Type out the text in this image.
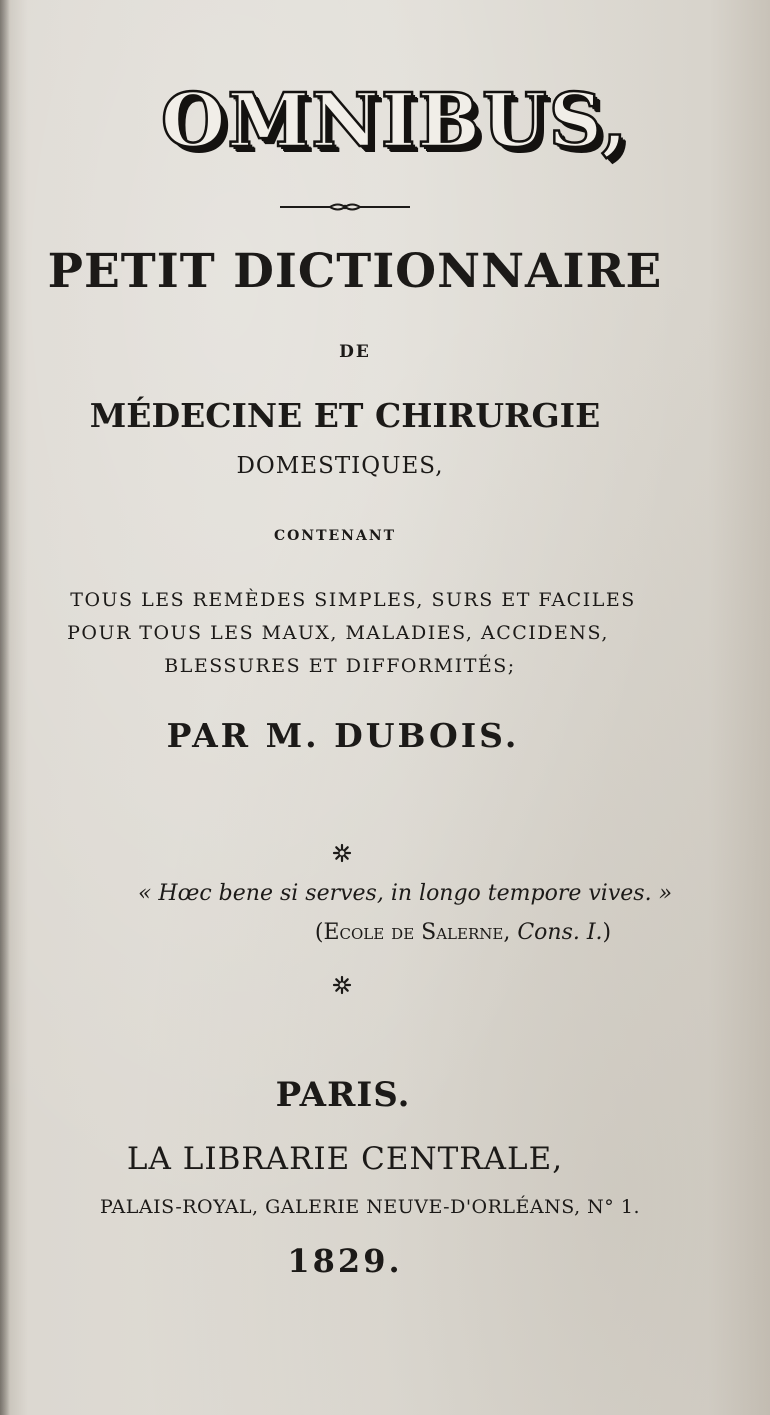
OMNIBUS,
PETIT DICTIONNAIRE
DE
MÉDECINE ET CHIRURGIE
DOMESTIQUES,
CONTENANT
TOUS LES REMÈDES SIMPLES, SURS ET FACILES
POUR TOUS LES MAUX, MALADIES, ACCIDENS,
BLESSURES ET DIFFORMITÉS;
PAR M. DUBOIS.
« Hœc bene si serves, in longo tempore vives. »
(Ecole de Salerne, Cons. I.)
PARIS.
LA LIBRARIE CENTRALE,
PALAIS-ROYAL, GALERIE NEUVE-D'ORLÉANS, N° 1.
1829.
